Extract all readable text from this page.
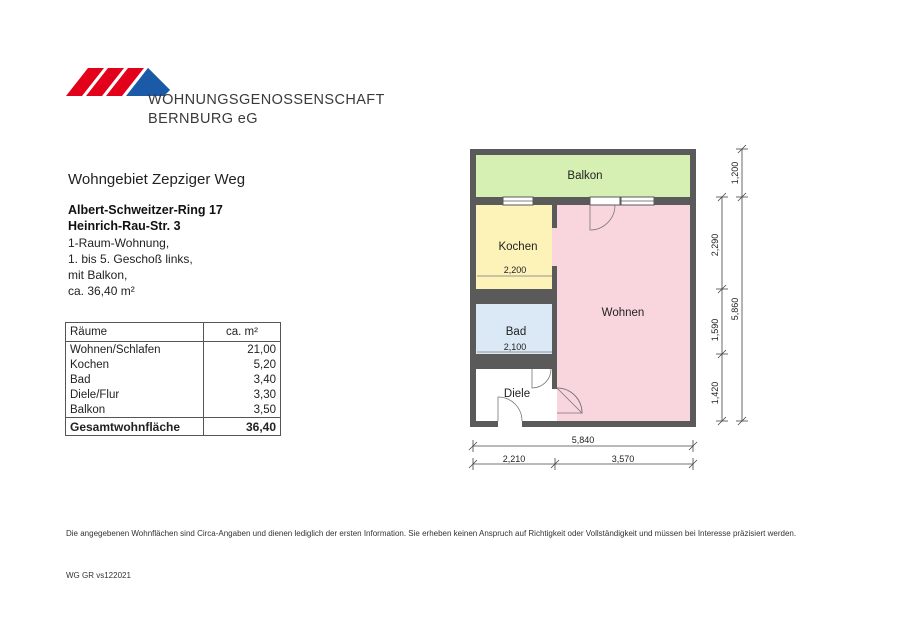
WOHNUNGSGENOSSENSCHAFT
BERNBURG eG
Wohngebiet Zepziger Weg
Albert-Schweitzer-Ring 17
Heinrich-Rau-Str. 3
1-Raum-Wohnung,
1. bis 5. Geschoß links,
mit Balkon,
ca. 36,40 m²
Räume	ca. m²
Wohnen/Schlafen	21,00
Kochen	5,20
Bad	3,40
Diele/Flur	3,30
Balkon	3,50
Gesamtwohnfläche	36,40
Balkon
Kochen
Bad
Wohnen
Diele
2,200
2,100
5,840
2,210	3,570
2,290
1,590
1,420
1,200
5,860
Die angegebenen Wohnflächen sind Circa-Angaben und dienen lediglich der ersten Information. Sie erheben keinen Anspruch auf Richtigkeit oder Vollständigkeit und müssen bei Interesse präzisiert werden.
WG GR vs122021
